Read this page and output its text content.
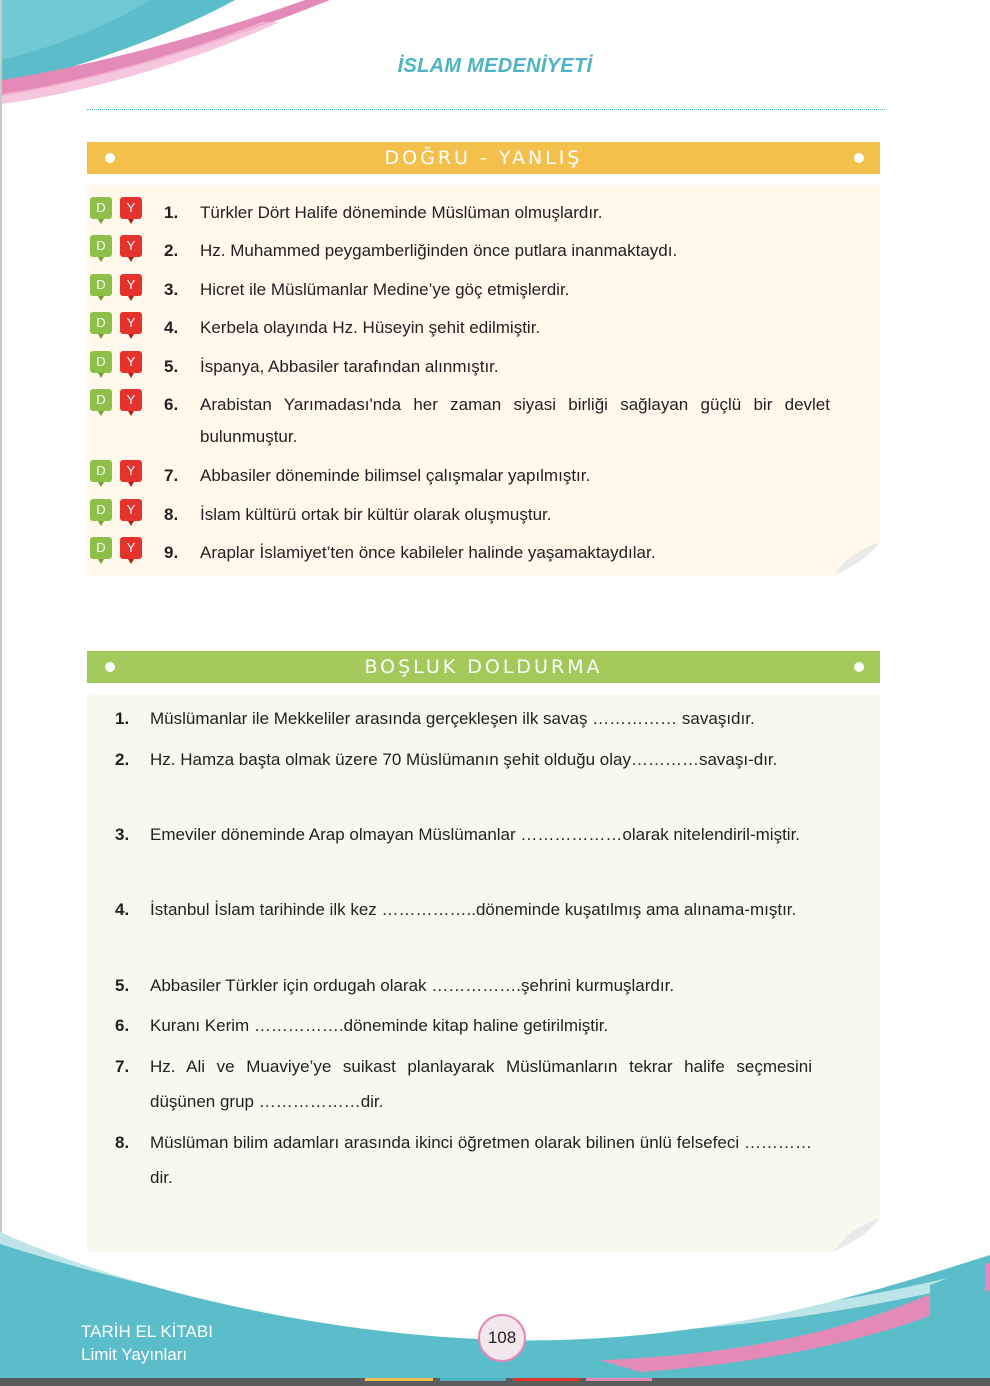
İSLAM MEDENİYETİ
DOĞRU - YANLIŞ
D	Y	1. Türkler Dört Halife döneminde Müslüman olmuşlardır.
D	Y	2. Hz. Muhammed peygamberliğinden önce putlara inanmaktaydı.
D	Y	3. Hicret ile Müslümanlar Medine’ye göç etmişlerdir.
D	Y	4. Kerbela olayında Hz. Hüseyin şehit edilmiştir.
D	Y	5. İspanya, Abbasiler tarafından alınmıştır.
D	Y	6. Arabistan Yarımadası'nda her zaman siyasi birliği sağlayan güçlü bir devlet bulunmuştur.
D	Y	7. Abbasiler döneminde bilimsel çalışmalar yapılmıştır.
D	Y	8. İslam kültürü ortak bir kültür olarak oluşmuştur.
D	Y	9. Araplar İslamiyet’ten önce kabileler halinde yaşamaktaydılar.
BOŞLUK DOLDURMA
1. Müslümanlar ile Mekkeliler arasında gerçekleşen ilk savaş …………… savaşıdır.
2. Hz. Hamza başta olmak üzere 70 Müslümanın şehit olduğu olay…………savaşı-dır.
3. Emeviler döneminde Arap olmayan Müslümanlar ………………olarak nitelendiril-miştir.
4. İstanbul İslam tarihinde ilk kez ……………..döneminde kuşatılmış ama alınama-mıştır.
5. Abbasiler Türkler için ordugah olarak …………….şehrini kurmuşlardır.
6. Kuranı Kerim …………….döneminde kitap haline getirilmiştir.
7. Hz. Ali ve Muaviye’ye suikast planlayarak Müslümanların tekrar halife seçmesini düşünen grup ………………dir.
8. Müslüman bilim adamları arasında ikinci öğretmen olarak bilinen ünlü felsefeci …………dir.
TARİH EL KİTABI
Limit Yayınları
108
